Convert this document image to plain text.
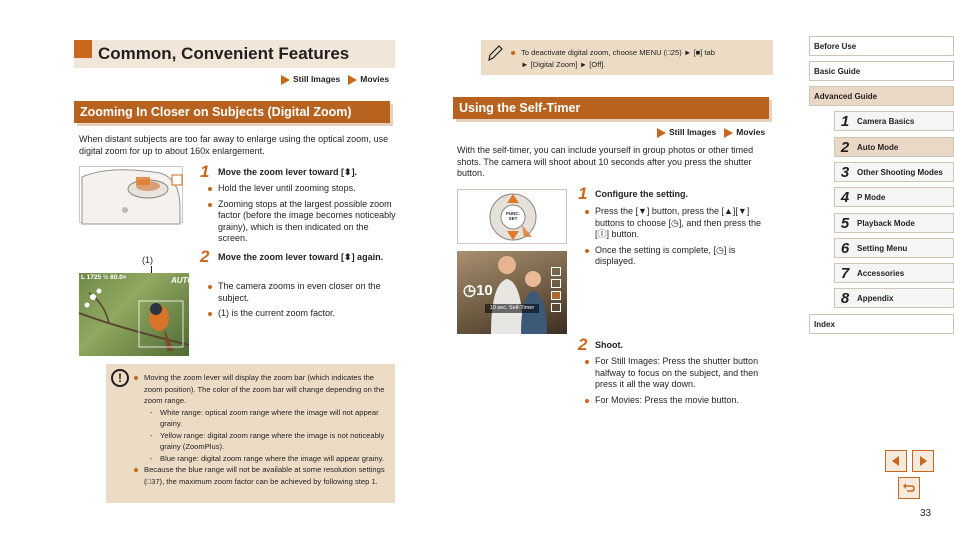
Common, Convenient Features
Still Images	Movies
Zooming In Closer on Subjects (Digital Zoom)
When distant subjects are too far away to enlarge using the optical zoom, use digital zoom for up to about 160x enlargement.
1 Move the zoom lever toward [⬍].
Hold the lever until zooming stops.
Zooming stops at the largest possible zoom factor (before the image becomes noticeably grainy), which is then indicated on the screen.
2 Move the zoom lever toward [⬍] again.
The camera zooms in even closer on the subject.
(1) is the current zoom factor.
(1)
L 1725 ½ 80.0×	AUTO
!	Moving the zoom lever will display the zoom bar (which indicates the zoom position). The color of the zoom bar will change depending on the zoom range.
- White range: optical zoom range where the image will not appear grainy.
- Yellow range: digital zoom range where the image is not noticeably grainy (ZoomPlus).
- Blue range: digital zoom range where the image will appear grainy.
Because the blue range will not be available at some resolution settings (□37), the maximum zoom factor can be achieved by following step 1.
To deactivate digital zoom, choose MENU (□25) ► [■] tab
► [Digital Zoom] ► [Off].
Using the Self-Timer
Still Images	Movies
With the self-timer, you can include yourself in group photos or other timed shots. The camera will shoot about 10 seconds after you press the shutter button.
FUNC. SET
◷10
10 sec. Self-Timer
1 Configure the setting.
Press the [▼] button, press the [▲][▼] buttons to choose [◷], and then press the [Ⓘ] button.
Once the setting is complete, [◷] is displayed.
2 Shoot.
For Still Images: Press the shutter button halfway to focus on the subject, and then press it all the way down.
For Movies: Press the movie button.
Before Use
Basic Guide
Advanced Guide
1 Camera Basics
2 Auto Mode
3 Other Shooting Modes
4 P Mode
5 Playback Mode
6 Setting Menu
7 Accessories
8 Appendix
Index
33
